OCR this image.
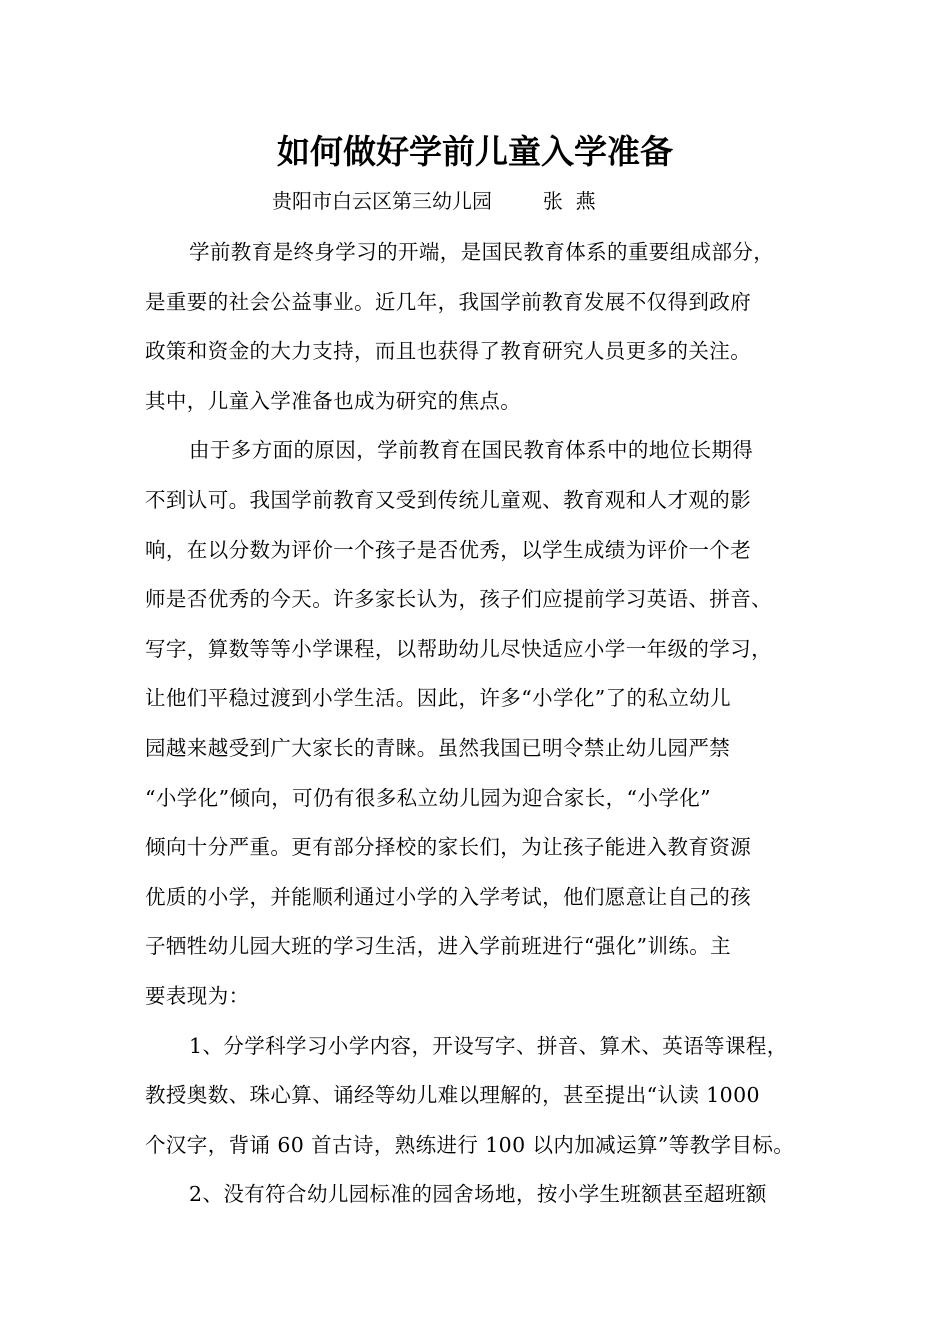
如何做好学前儿童入学准备
贵阳市白云区第三幼儿园        张  燕
学前教育是终身学习的开端，是国民教育体系的重要组成部分，
是重要的社会公益事业。近几年，我国学前教育发展不仅得到政府
政策和资金的大力支持，而且也获得了教育研究人员更多的关注。
其中，儿童入学准备也成为研究的焦点。
由于多方面的原因，学前教育在国民教育体系中的地位长期得
不到认可。我国学前教育又受到传统儿童观、教育观和人才观的影
响，在以分数为评价一个孩子是否优秀，以学生成绩为评价一个老
师是否优秀的今天。许多家长认为，孩子们应提前学习英语、拼音、
写字，算数等等小学课程，以帮助幼儿尽快适应小学一年级的学习，
让他们平稳过渡到小学生活。因此，许多“小学化”了的私立幼儿
园越来越受到广大家长的青睐。虽然我国已明令禁止幼儿园严禁
“小学化”倾向，可仍有很多私立幼儿园为迎合家长，“小学化”
倾向十分严重。更有部分择校的家长们，为让孩子能进入教育资源
优质的小学，并能顺利通过小学的入学考试，他们愿意让自己的孩
子牺牲幼儿园大班的学习生活，进入学前班进行“强化”训练。主
要表现为：
1、分学科学习小学内容，开设写字、拼音、算术、英语等课程，
教授奥数、珠心算、诵经等幼儿难以理解的，甚至提出“认读 1000
个汉字，背诵 60 首古诗，熟练进行 100 以内加减运算”等教学目标。
2、没有符合幼儿园标准的园舍场地，按小学生班额甚至超班额
